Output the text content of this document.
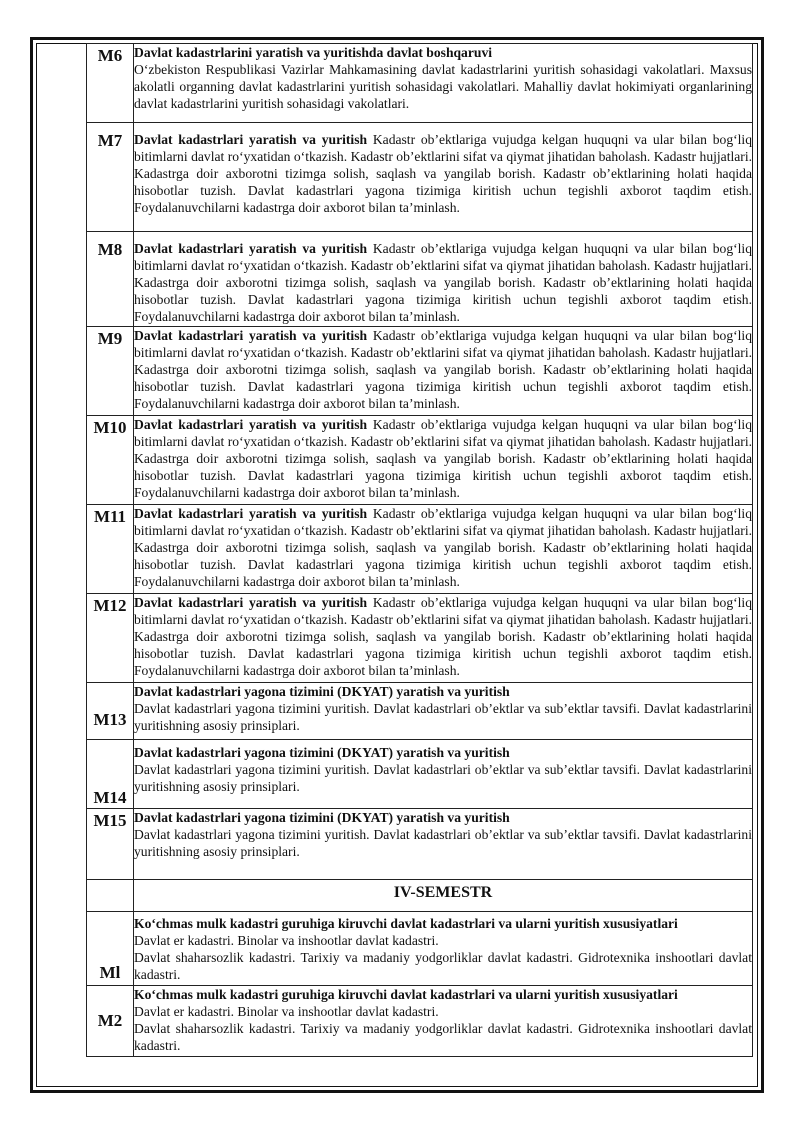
M6	Davlat kadastrlarini yaratish va yuritishda davlat boshqaruvi
O‘zbekiston Respublikasi Vazirlar Mahkamasining davlat kadastrlarini yuritish sohasidagi vakolatlari. Maxsus akolatli organning davlat kadastrlarini yuritish sohasidagi vakolatlari. Mahalliy davlat hokimiyati organlarining davlat kadastrlarini yuritish sohasidagi vakolatlari.
M7	Davlat kadastrlari yaratish va yuritish Kadastr ob’ektlariga vujudga kelgan huquqni va ular bilan bog‘liq bitimlarni davlat ro‘yxatidan o‘tkazish. Kadastr ob’ektlarini sifat va qiymat jihatidan baholash. Kadastr hujjatlari. Kadastrga doir axborotni tizimga solish, saqlash va yangilab borish. Kadastr ob’ektlarining holati haqida hisobotlar tuzish. Davlat kadastrlari yagona tizimiga kiritish uchun tegishli axborot taqdim etish. Foydalanuvchilarni kadastrga doir axborot bilan ta’minlash.
M8	Davlat kadastrlari yaratish va yuritish Kadastr ob’ektlariga vujudga kelgan huquqni va ular bilan bog‘liq bitimlarni davlat ro‘yxatidan o‘tkazish. Kadastr ob’ektlarini sifat va qiymat jihatidan baholash. Kadastr hujjatlari. Kadastrga doir axborotni tizimga solish, saqlash va yangilab borish. Kadastr ob’ektlarining holati haqida hisobotlar tuzish. Davlat kadastrlari yagona tizimiga kiritish uchun tegishli axborot taqdim etish. Foydalanuvchilarni kadastrga doir axborot bilan ta’minlash.
M9	Davlat kadastrlari yaratish va yuritish Kadastr ob’ektlariga vujudga kelgan huquqni va ular bilan bog‘liq bitimlarni davlat ro‘yxatidan o‘tkazish. Kadastr ob’ektlarini sifat va qiymat jihatidan baholash. Kadastr hujjatlari. Kadastrga doir axborotni tizimga solish, saqlash va yangilab borish. Kadastr ob’ektlarining holati haqida hisobotlar tuzish. Davlat kadastrlari yagona tizimiga kiritish uchun tegishli axborot taqdim etish. Foydalanuvchilarni kadastrga doir axborot bilan ta’minlash.
M10	Davlat kadastrlari yaratish va yuritish Kadastr ob’ektlariga vujudga kelgan huquqni va ular bilan bog‘liq bitimlarni davlat ro‘yxatidan o‘tkazish. Kadastr ob’ektlarini sifat va qiymat jihatidan baholash. Kadastr hujjatlari. Kadastrga doir axborotni tizimga solish, saqlash va yangilab borish. Kadastr ob’ektlarining holati haqida hisobotlar tuzish. Davlat kadastrlari yagona tizimiga kiritish uchun tegishli axborot taqdim etish. Foydalanuvchilarni kadastrga doir axborot bilan ta’minlash.
M11	Davlat kadastrlari yaratish va yuritish Kadastr ob’ektlariga vujudga kelgan huquqni va ular bilan bog‘liq bitimlarni davlat ro‘yxatidan o‘tkazish. Kadastr ob’ektlarini sifat va qiymat jihatidan baholash. Kadastr hujjatlari. Kadastrga doir axborotni tizimga solish, saqlash va yangilab borish. Kadastr ob’ektlarining holati haqida hisobotlar tuzish. Davlat kadastrlari yagona tizimiga kiritish uchun tegishli axborot taqdim etish. Foydalanuvchilarni kadastrga doir axborot bilan ta’minlash.
M12	Davlat kadastrlari yaratish va yuritish Kadastr ob’ektlariga vujudga kelgan huquqni va ular bilan bog‘liq bitimlarni davlat ro‘yxatidan o‘tkazish. Kadastr ob’ektlarini sifat va qiymat jihatidan baholash. Kadastr hujjatlari. Kadastrga doir axborotni tizimga solish, saqlash va yangilab borish. Kadastr ob’ektlarining holati haqida hisobotlar tuzish. Davlat kadastrlari yagona tizimiga kiritish uchun tegishli axborot taqdim etish. Foydalanuvchilarni kadastrga doir axborot bilan ta’minlash.
M13	Davlat kadastrlari yagona tizimini (DKYAT) yaratish va yuritish
Davlat kadastrlari yagona tizimini yuritish. Davlat kadastrlari ob’ektlar va sub’ektlar tavsifi. Davlat kadastrlarini yuritishning asosiy prinsiplari.
M14	Davlat kadastrlari yagona tizimini (DKYAT) yaratish va yuritish
Davlat kadastrlari yagona tizimini yuritish. Davlat kadastrlari ob’ektlar va sub’ektlar tavsifi. Davlat kadastrlarini yuritishning asosiy prinsiplari.
M15	Davlat kadastrlari yagona tizimini (DKYAT) yaratish va yuritish
Davlat kadastrlari yagona tizimini yuritish. Davlat kadastrlari ob’ektlar va sub’ektlar tavsifi. Davlat kadastrlarini yuritishning asosiy prinsiplari.
	IV-SEMESTR
Ml	Ko‘chmas mulk kadastri guruhiga kiruvchi davlat kadastrlari va ularni yuritish xususiyatlari
Davlat er kadastri. Binolar va inshootlar davlat kadastri.
Davlat shaharsozlik kadastri. Tarixiy va madaniy yodgorliklar davlat kadastri. Gidrotexnika inshootlari davlat kadastri.
M2	Ko‘chmas mulk kadastri guruhiga kiruvchi davlat kadastrlari va ularni yuritish xususiyatlari
Davlat er kadastri. Binolar va inshootlar davlat kadastri.
Davlat shaharsozlik kadastri. Tarixiy va madaniy yodgorliklar davlat kadastri. Gidrotexnika inshootlari davlat kadastri.
